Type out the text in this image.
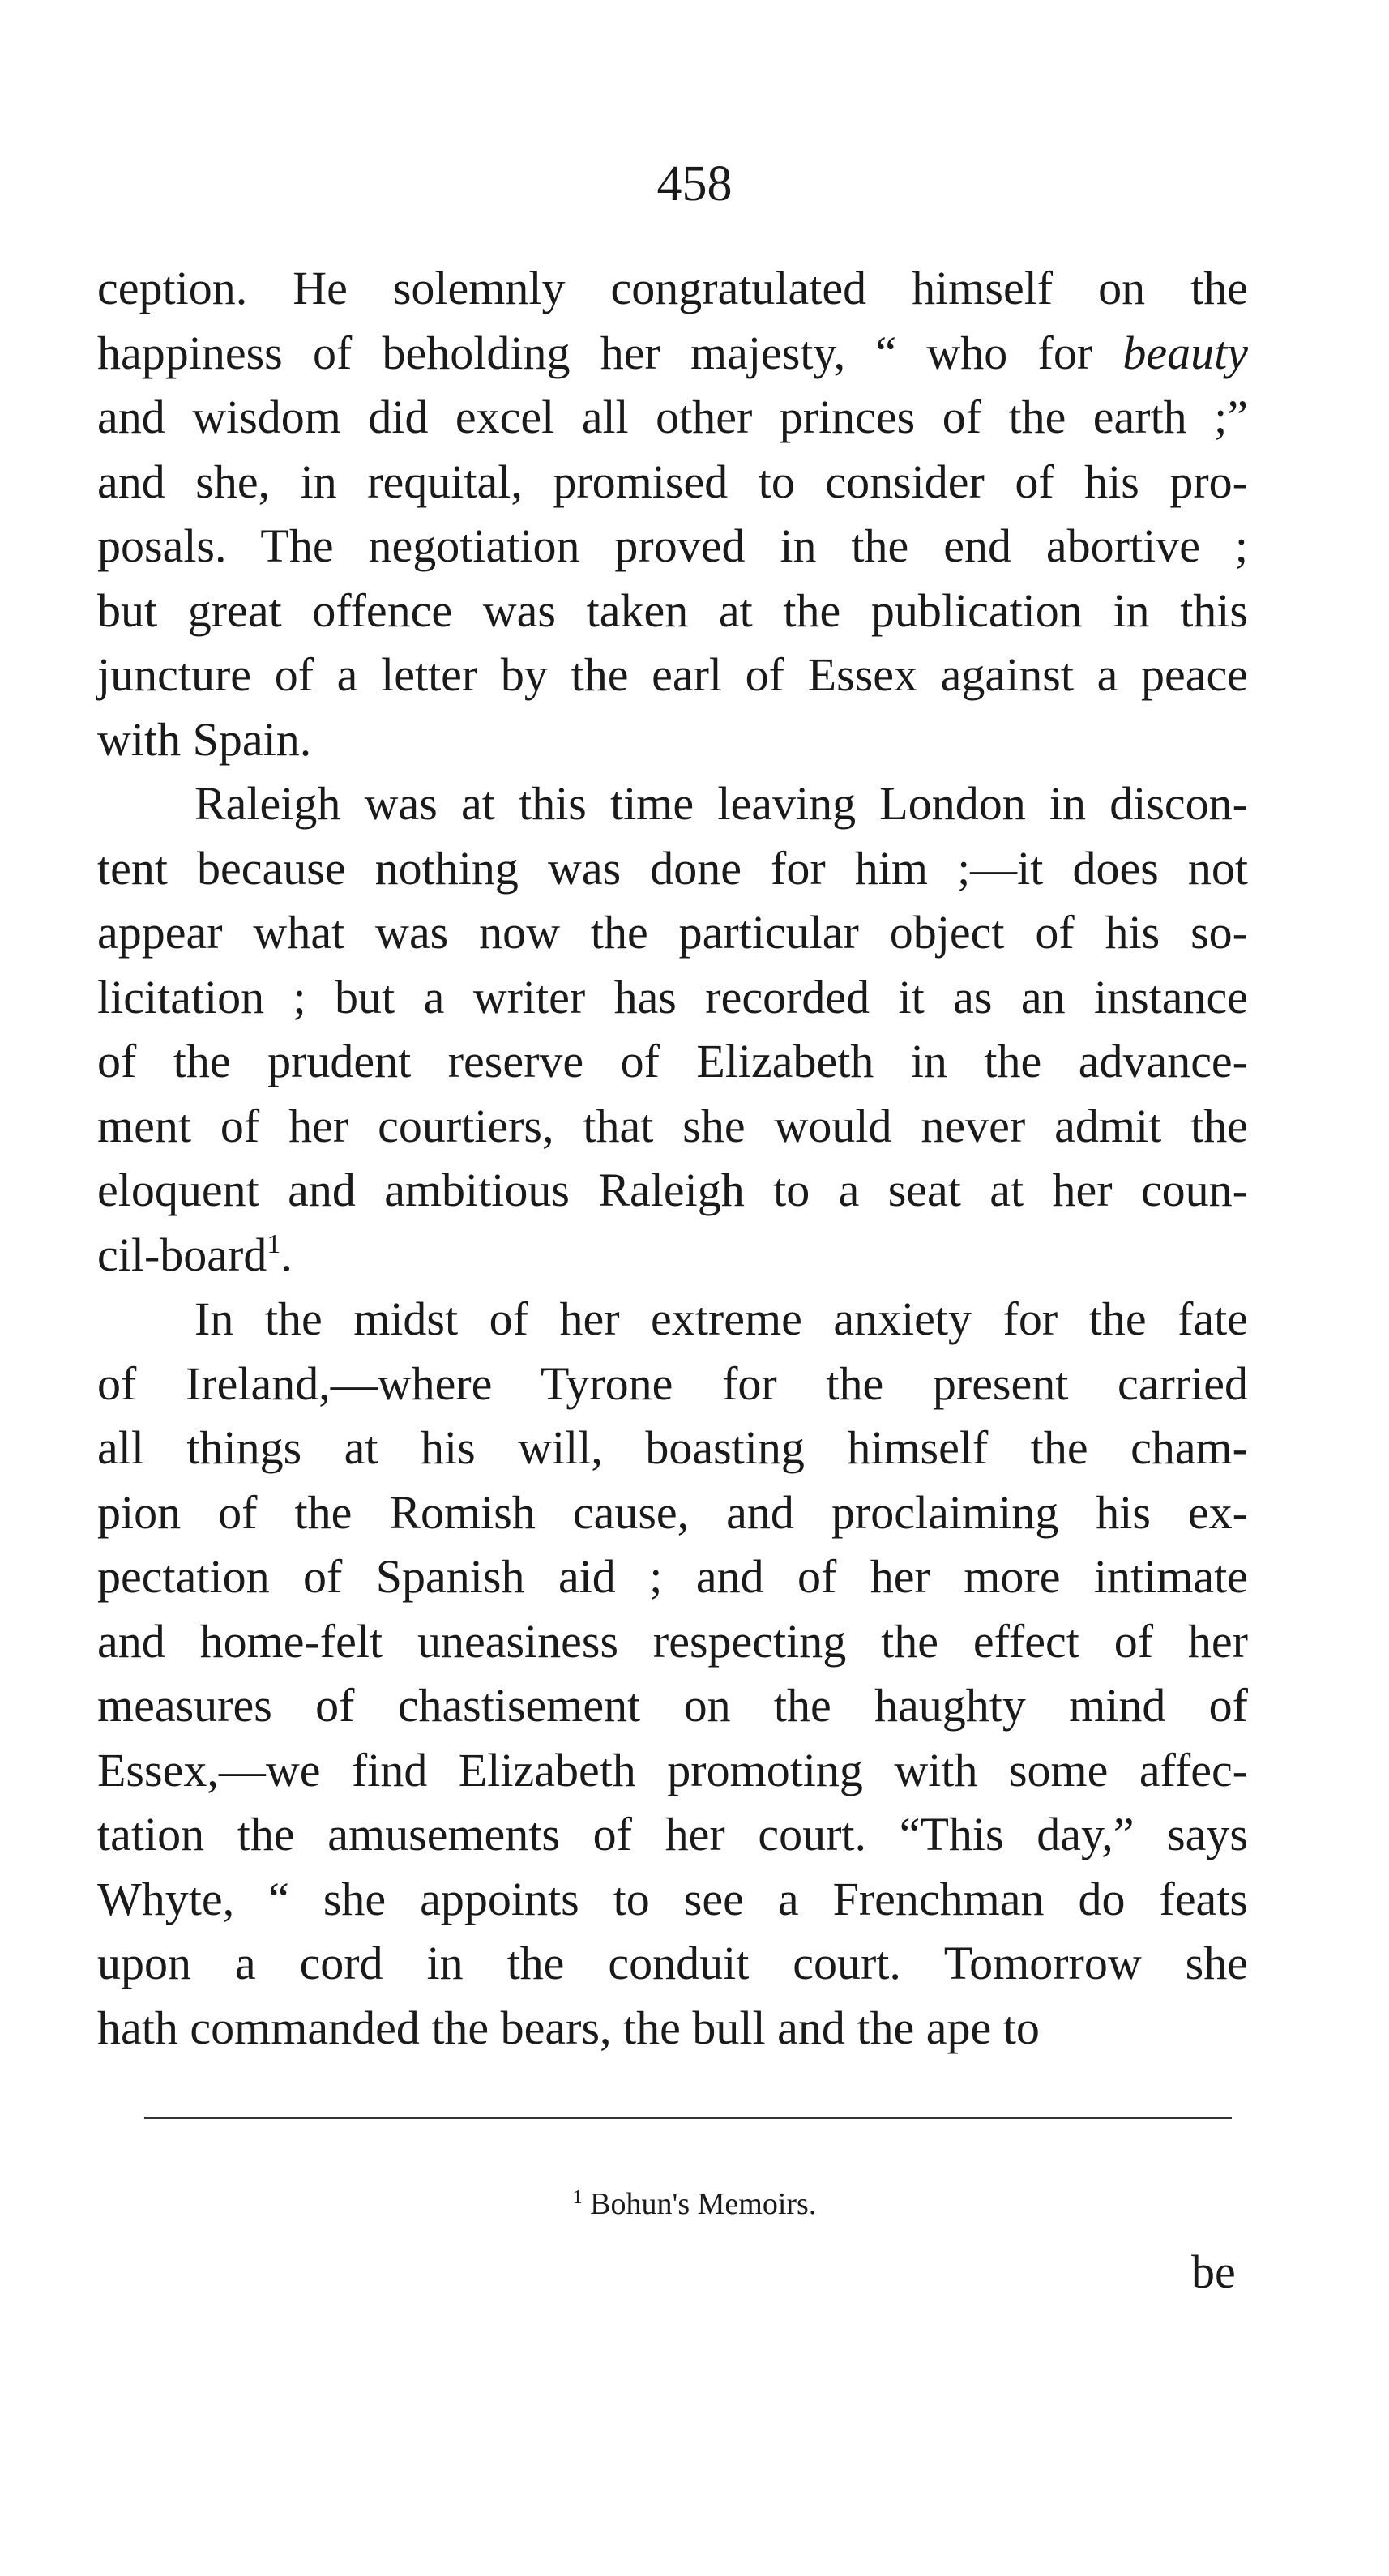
458
ception. He solemnly congratulated himself on the
happiness of beholding her majesty, “ who for beauty
and wisdom did excel all other princes of the earth ;”
and she, in requital, promised to consider of his pro-
posals. The negotiation proved in the end abortive ;
but great offence was taken at the publication in this
juncture of a letter by the earl of Essex against a peace
with Spain.
Raleigh was at this time leaving London in discon-
tent because nothing was done for him ;—it does not
appear what was now the particular object of his so-
licitation ; but a writer has recorded it as an instance
of the prudent reserve of Elizabeth in the advance-
ment of her courtiers, that she would never admit the
eloquent and ambitious Raleigh to a seat at her coun-
cil-board$^1$.
In the midst of her extreme anxiety for the fate
of Ireland,—where Tyrone for the present carried
all things at his will, boasting himself the cham-
pion of the Romish cause, and proclaiming his ex-
pectation of Spanish aid ; and of her more intimate
and home-felt uneasiness respecting the effect of her
measures of chastisement on the haughty mind of
Essex,—we find Elizabeth promoting with some affec-
tation the amusements of her court. “This day,” says
Whyte, “ she appoints to see a Frenchman do feats
upon a cord in the conduit court. Tomorrow she
hath commanded the bears, the bull and the ape to
$^1$ Bohun's Memoirs.
be
